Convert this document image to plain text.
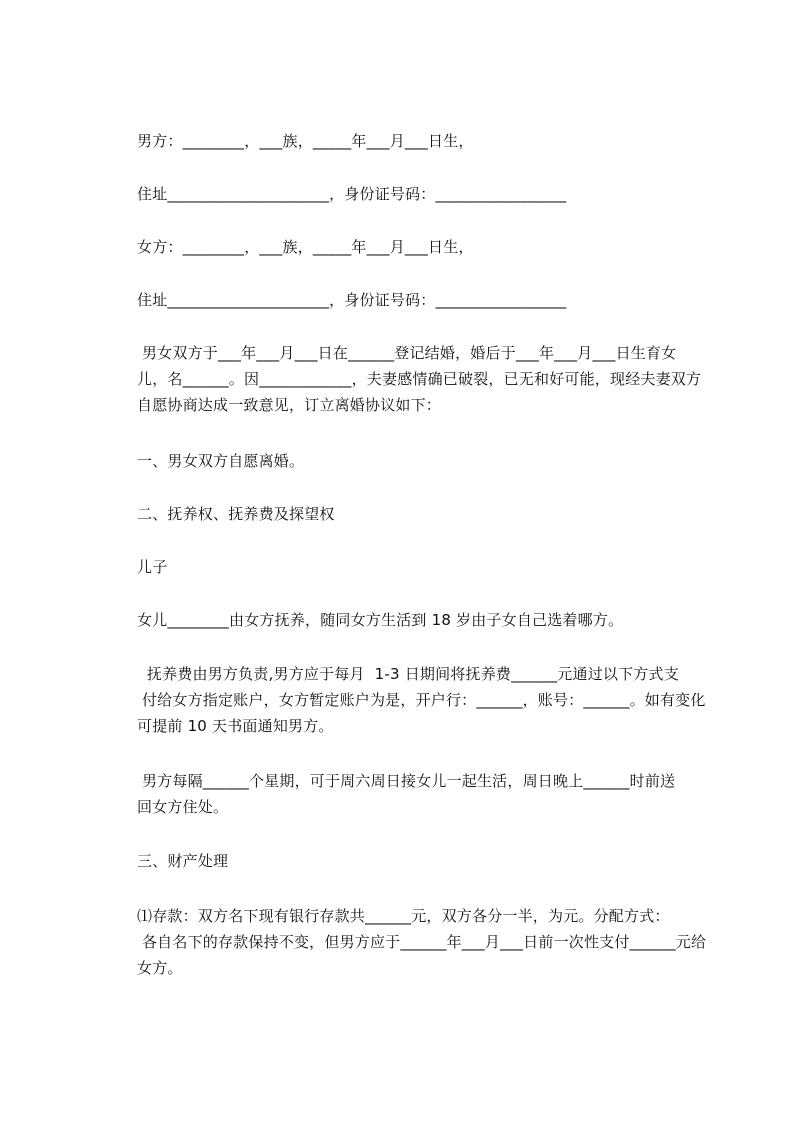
男方：________，___族，_____年___月___日生，
住址_____________________，身份证号码：_________________
女方：________，___族，_____年___月___日生，
住址_____________________，身份证号码：_________________
男女双方于___年___月___日在______登记结婚，婚后于___年___月___日生育女
儿，名______。因____________，夫妻感情确已破裂，已无和好可能，现经夫妻双方
自愿协商达成一致意见，订立离婚协议如下：
一、男女双方自愿离婚。
二、抚养权、抚养费及探望权
儿子
女儿________由女方抚养，随同女方生活到 18 岁由子女自己选着哪方。
抚养费由男方负责,男方应于每月  1-3 日期间将抚养费______元通过以下方式支
付给女方指定账户，女方暂定账户为是，开户行：______，账号：______。如有变化
可提前 10 天书面通知男方。
男方每隔______个星期，可于周六周日接女儿一起生活，周日晚上______时前送
回女方住处。
三、财产处理
⑴存款：双方名下现有银行存款共______元，双方各分一半，为元。分配方式：
各自名下的存款保持不变，但男方应于______年___月___日前一次性支付______元给
女方。
